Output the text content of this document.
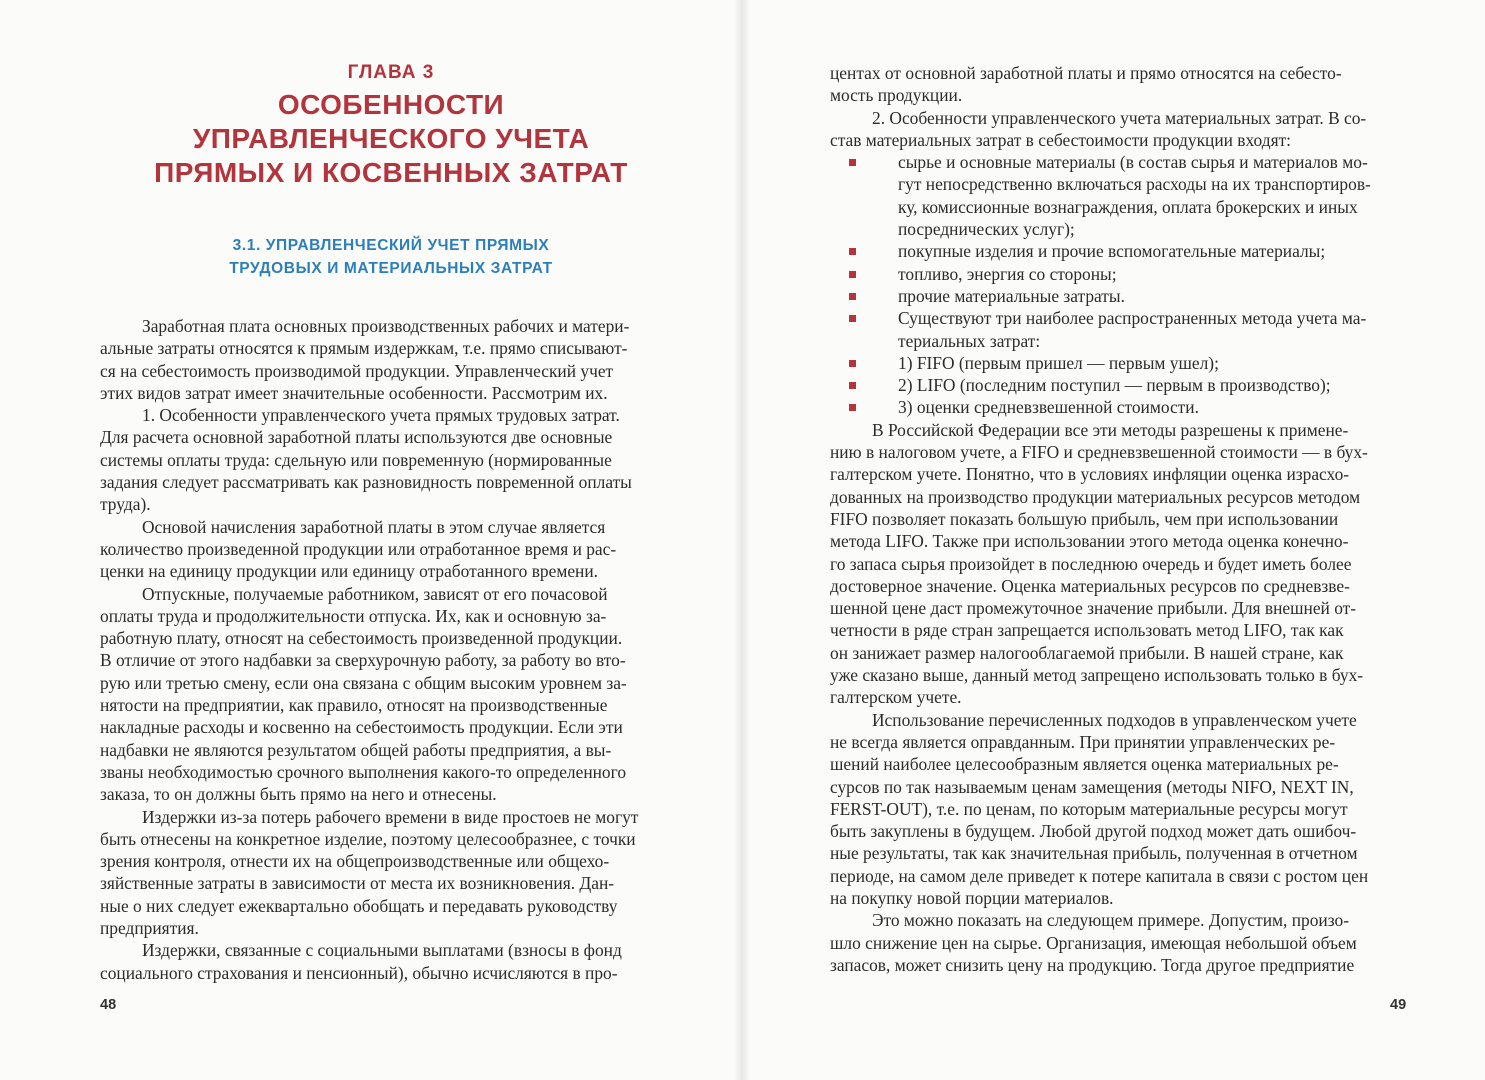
ГЛАВА 3
ОСОБЕННОСТИ
УПРАВЛЕНЧЕСКОГО УЧЕТА
ПРЯМЫХ И КОСВЕННЫХ ЗАТРАТ
3.1. УПРАВЛЕНЧЕСКИЙ УЧЕТ ПРЯМЫХ
ТРУДОВЫХ И МАТЕРИАЛЬНЫХ ЗАТРАТ
Заработная плата основных производственных рабочих и матери-
альные затраты относятся к прямым издержкам, т.е. прямо списывают-
ся на себестоимость производимой продукции. Управленческий учет
этих видов затрат имеет значительные особенности. Рассмотрим их.
1. Особенности управленческого учета прямых трудовых затрат.
Для расчета основной заработной платы используются две основные
системы оплаты труда: сдельную или повременную (нормированные
задания следует рассматривать как разновидность повременной оплаты
труда).
Основой начисления заработной платы в этом случае является
количество произведенной продукции или отработанное время и рас-
ценки на единицу продукции или единицу отработанного времени.
Отпускные, получаемые работником, зависят от его почасовой
оплаты труда и продолжительности отпуска. Их, как и основную за-
работную плату, относят на себестоимость произведенной продукции.
В отличие от этого надбавки за сверхурочную работу, за работу во вто-
рую или третью смену, если она связана с общим высоким уровнем за-
нятости на предприятии, как правило, относят на производственные
накладные расходы и косвенно на себестоимость продукции. Если эти
надбавки не являются результатом общей работы предприятия, а вы-
званы необходимостью срочного выполнения какого-то определенного
заказа, то он должны быть прямо на него и отнесены.
Издержки из-за потерь рабочего времени в виде простоев не могут
быть отнесены на конкретное изделие, поэтому целесообразнее, с точки
зрения контроля, отнести их на общепроизводственные или общехо-
зяйственные затраты в зависимости от места их возникновения. Дан-
ные о них следует ежеквартально обобщать и передавать руководству
предприятия.
Издержки, связанные с социальными выплатами (взносы в фонд
социального страхования и пенсионный), обычно исчисляются в про-
48
центах от основной заработной платы и прямо относятся на себесто-
мость продукции.
2. Особенности управленческого учета материальных затрат. В со-
став материальных затрат в себестоимости продукции входят:
сырье и основные материалы (в состав сырья и материалов мо-
гут непосредственно включаться расходы на их транспортиров-
ку, комиссионные вознаграждения, оплата брокерских и иных
посреднических услуг);
покупные изделия и прочие вспомогательные материалы;
топливо, энергия со стороны;
прочие материальные затраты.
Существуют три наиболее распространенных метода учета ма-
териальных затрат:
1) FIFO (первым пришел — первым ушел);
2) LIFO (последним поступил — первым в производство);
3) оценки средневзвешенной стоимости.
В Российской Федерации все эти методы разрешены к примене-
нию в налоговом учете, а FIFO и средневзвешенной стоимости — в бух-
галтерском учете. Понятно, что в условиях инфляции оценка израсхо-
дованных на производство продукции материальных ресурсов методом
FIFO позволяет показать большую прибыль, чем при использовании
метода LIFO. Также при использовании этого метода оценка конечно-
го запаса сырья произойдет в последнюю очередь и будет иметь более
достоверное значение. Оценка материальных ресурсов по средневзве-
шенной цене даст промежуточное значение прибыли. Для внешней от-
четности в ряде стран запрещается использовать метод LIFO, так как
он занижает размер налогооблагаемой прибыли. В нашей стране, как
уже сказано выше, данный метод запрещено использовать только в бух-
галтерском учете.
Использование перечисленных подходов в управленческом учете
не всегда является оправданным. При принятии управленческих ре-
шений наиболее целесообразным является оценка материальных ре-
сурсов по так называемым ценам замещения (методы NIFO, NEXT IN,
FERST-OUT), т.е. по ценам, по которым материальные ресурсы могут
быть закуплены в будущем. Любой другой подход может дать ошибоч-
ные результаты, так как значительная прибыль, полученная в отчетном
периоде, на самом деле приведет к потере капитала в связи с ростом цен
на покупку новой порции материалов.
Это можно показать на следующем примере. Допустим, произо-
шло снижение цен на сырье. Организация, имеющая небольшой объем
запасов, может снизить цену на продукцию. Тогда другое предприятие
49
